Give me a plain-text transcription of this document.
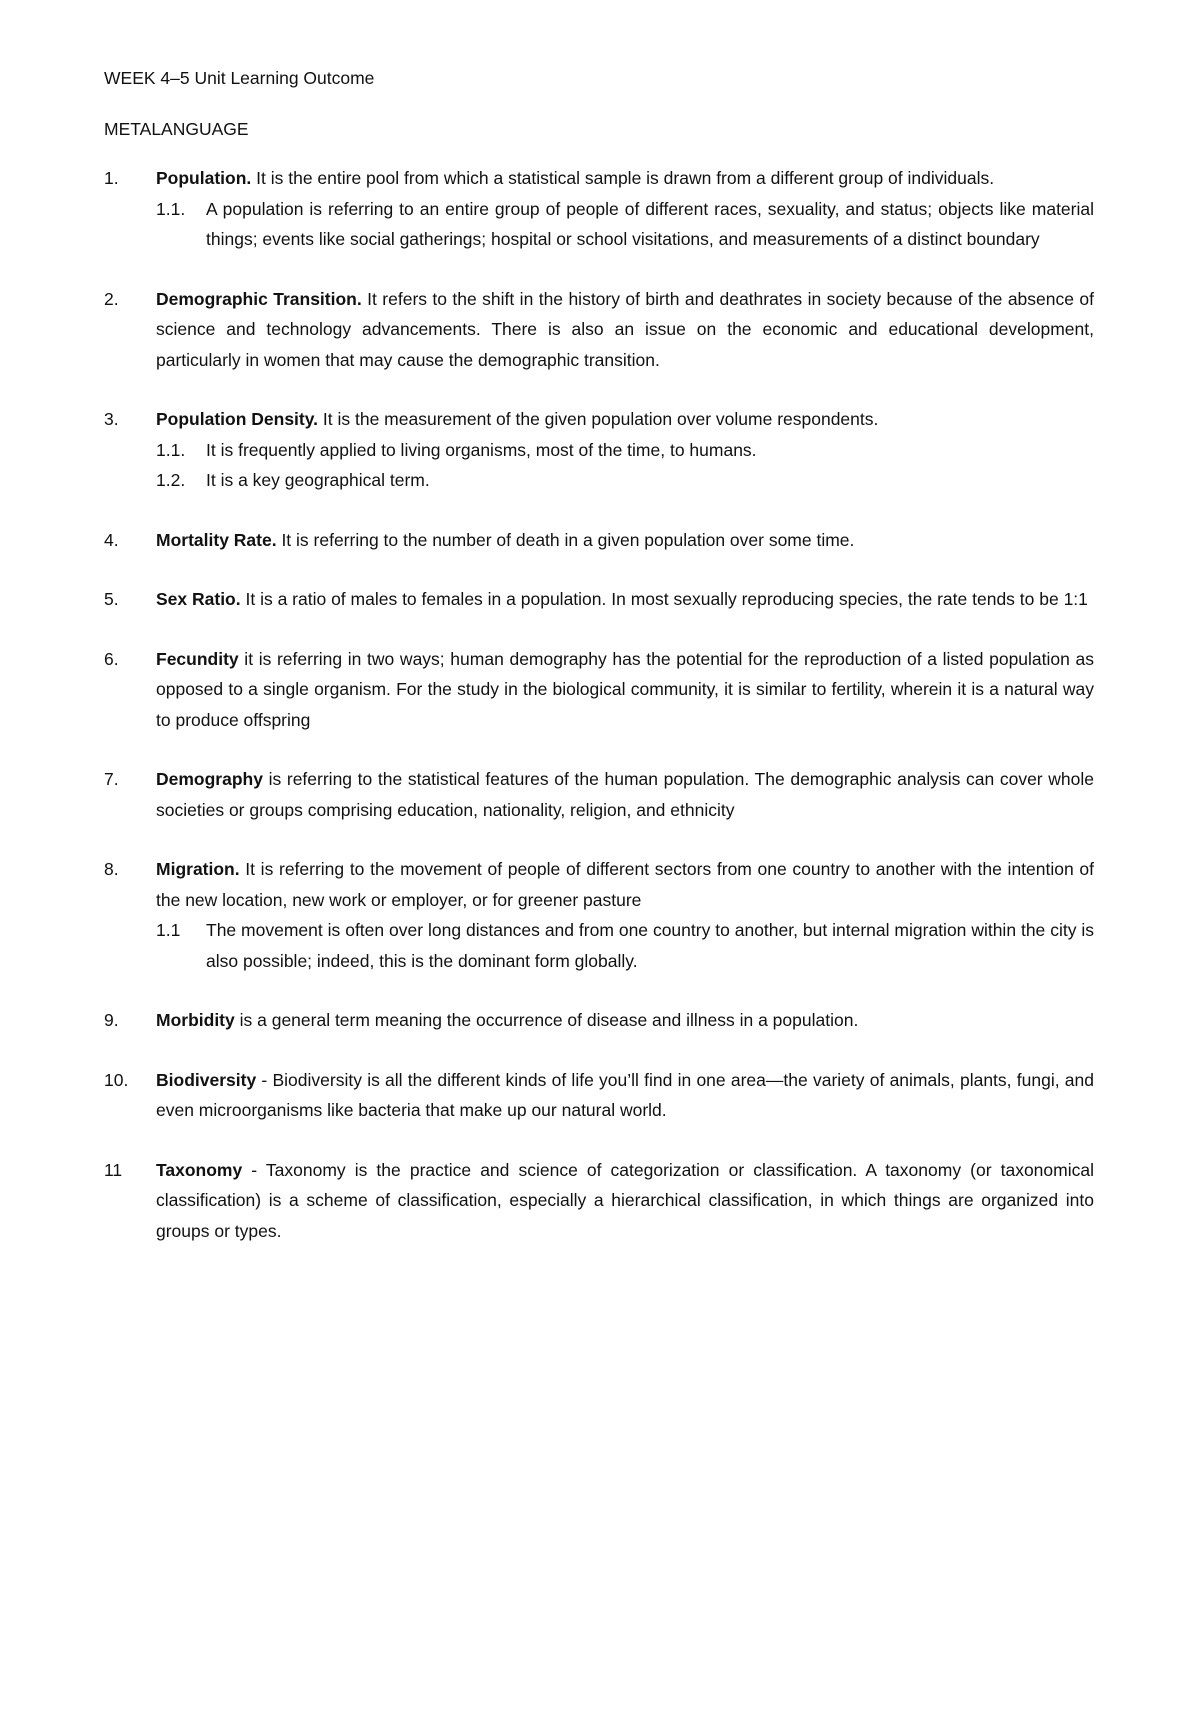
WEEK 4–5 Unit Learning Outcome

METALANGUAGE

1.	Population. It is the entire pool from which a statistical sample is drawn from a different group of individuals.
1.1.	A population is referring to an entire group of people of different races, sexuality, and status; objects like material things; events like social gatherings; hospital or school visitations, and measurements of a distinct boundary
2.	Demographic Transition. It refers to the shift in the history of birth and deathrates in society because of the absence of science and technology advancements. There is also an issue on the economic and educational development, particularly in women that may cause the demographic transition.
3.	Population Density. It is the measurement of the given population over volume respondents.
1.1.	It is frequently applied to living organisms, most of the time, to humans.
1.2.	It is a key geographical term.
4.	Mortality Rate. It is referring to the number of death in a given population over some time.
5.	Sex Ratio. It is a ratio of males to females in a population. In most sexually reproducing species, the rate tends to be 1:1
6.	Fecundity it is referring in two ways; human demography has the potential for the reproduction of a listed population as opposed to a single organism. For the study in the biological community, it is similar to fertility, wherein it is a natural way to produce offspring
7.	Demography is referring to the statistical features of the human population. The demographic analysis can cover whole societies or groups comprising education, nationality, religion, and ethnicity
8.	Migration. It is referring to the movement of people of different sectors from one country to another with the intention of the new location, new work or employer, or for greener pasture
1.1	The movement is often over long distances and from one country to another, but internal migration within the city is also possible; indeed, this is the dominant form globally.
9.	Morbidity is a general term meaning the occurrence of disease and illness in a population.
10.	Biodiversity - Biodiversity is all the different kinds of life you’ll find in one area—the variety of animals, plants, fungi, and even microorganisms like bacteria that make up our natural world.
11	Taxonomy - Taxonomy is the practice and science of categorization or classification. A taxonomy (or taxonomical classification) is a scheme of classification, especially a hierarchical classification, in which things are organized into groups or types.
